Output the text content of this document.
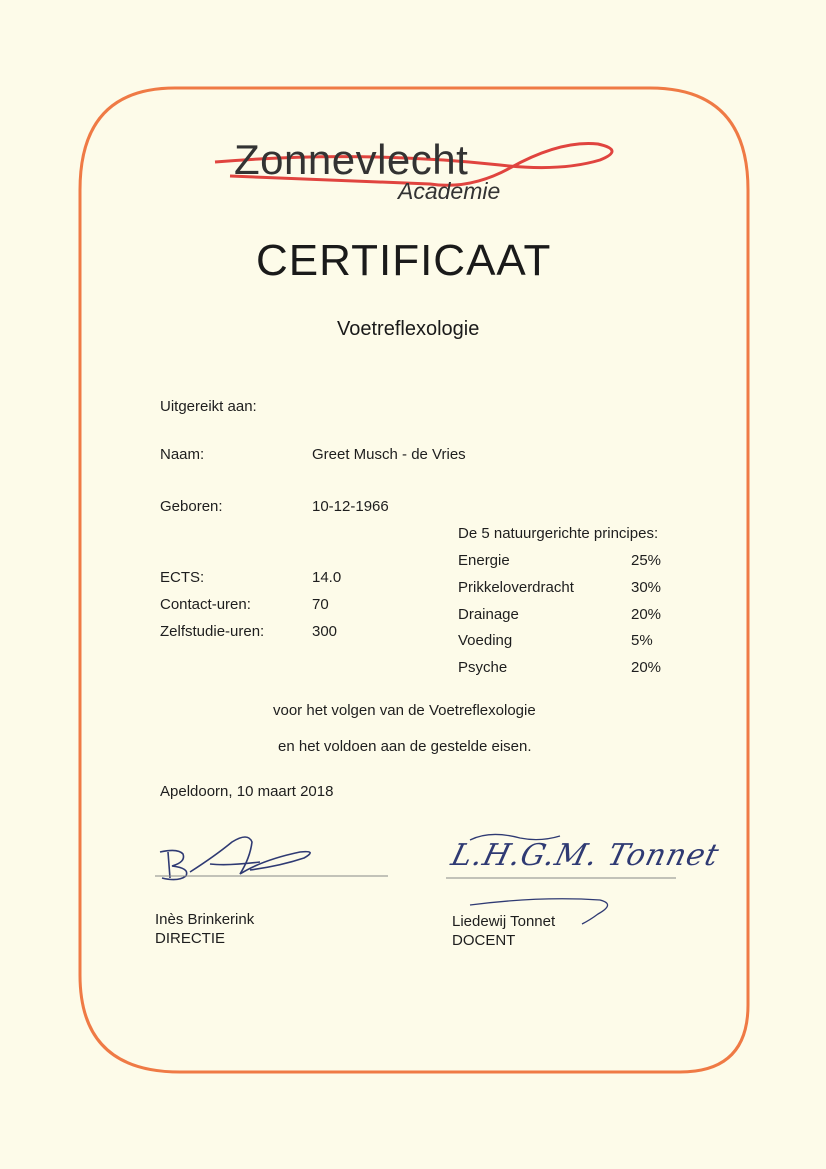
Zonnevlecht
Academie
CERTIFICAAT
Voetreflexologie
Uitgereikt aan:
Naam:	Greet Musch - de Vries
Geboren:	10-12-1966
ECTS:	14.0
Contact-uren:	70
Zelfstudie-uren:	300
De 5 natuurgerichte principes:
Energie	25%
Prikkeloverdracht	30%
Drainage	20%
Voeding	5%
Psyche	20%
voor het volgen van de Voetreflexologie
en het voldoen aan de gestelde eisen.
Apeldoorn, 10 maart 2018
L.H.G.M. Tonnet
Inès Brinkerink
DIRECTIE
Liedewij Tonnet
DOCENT
